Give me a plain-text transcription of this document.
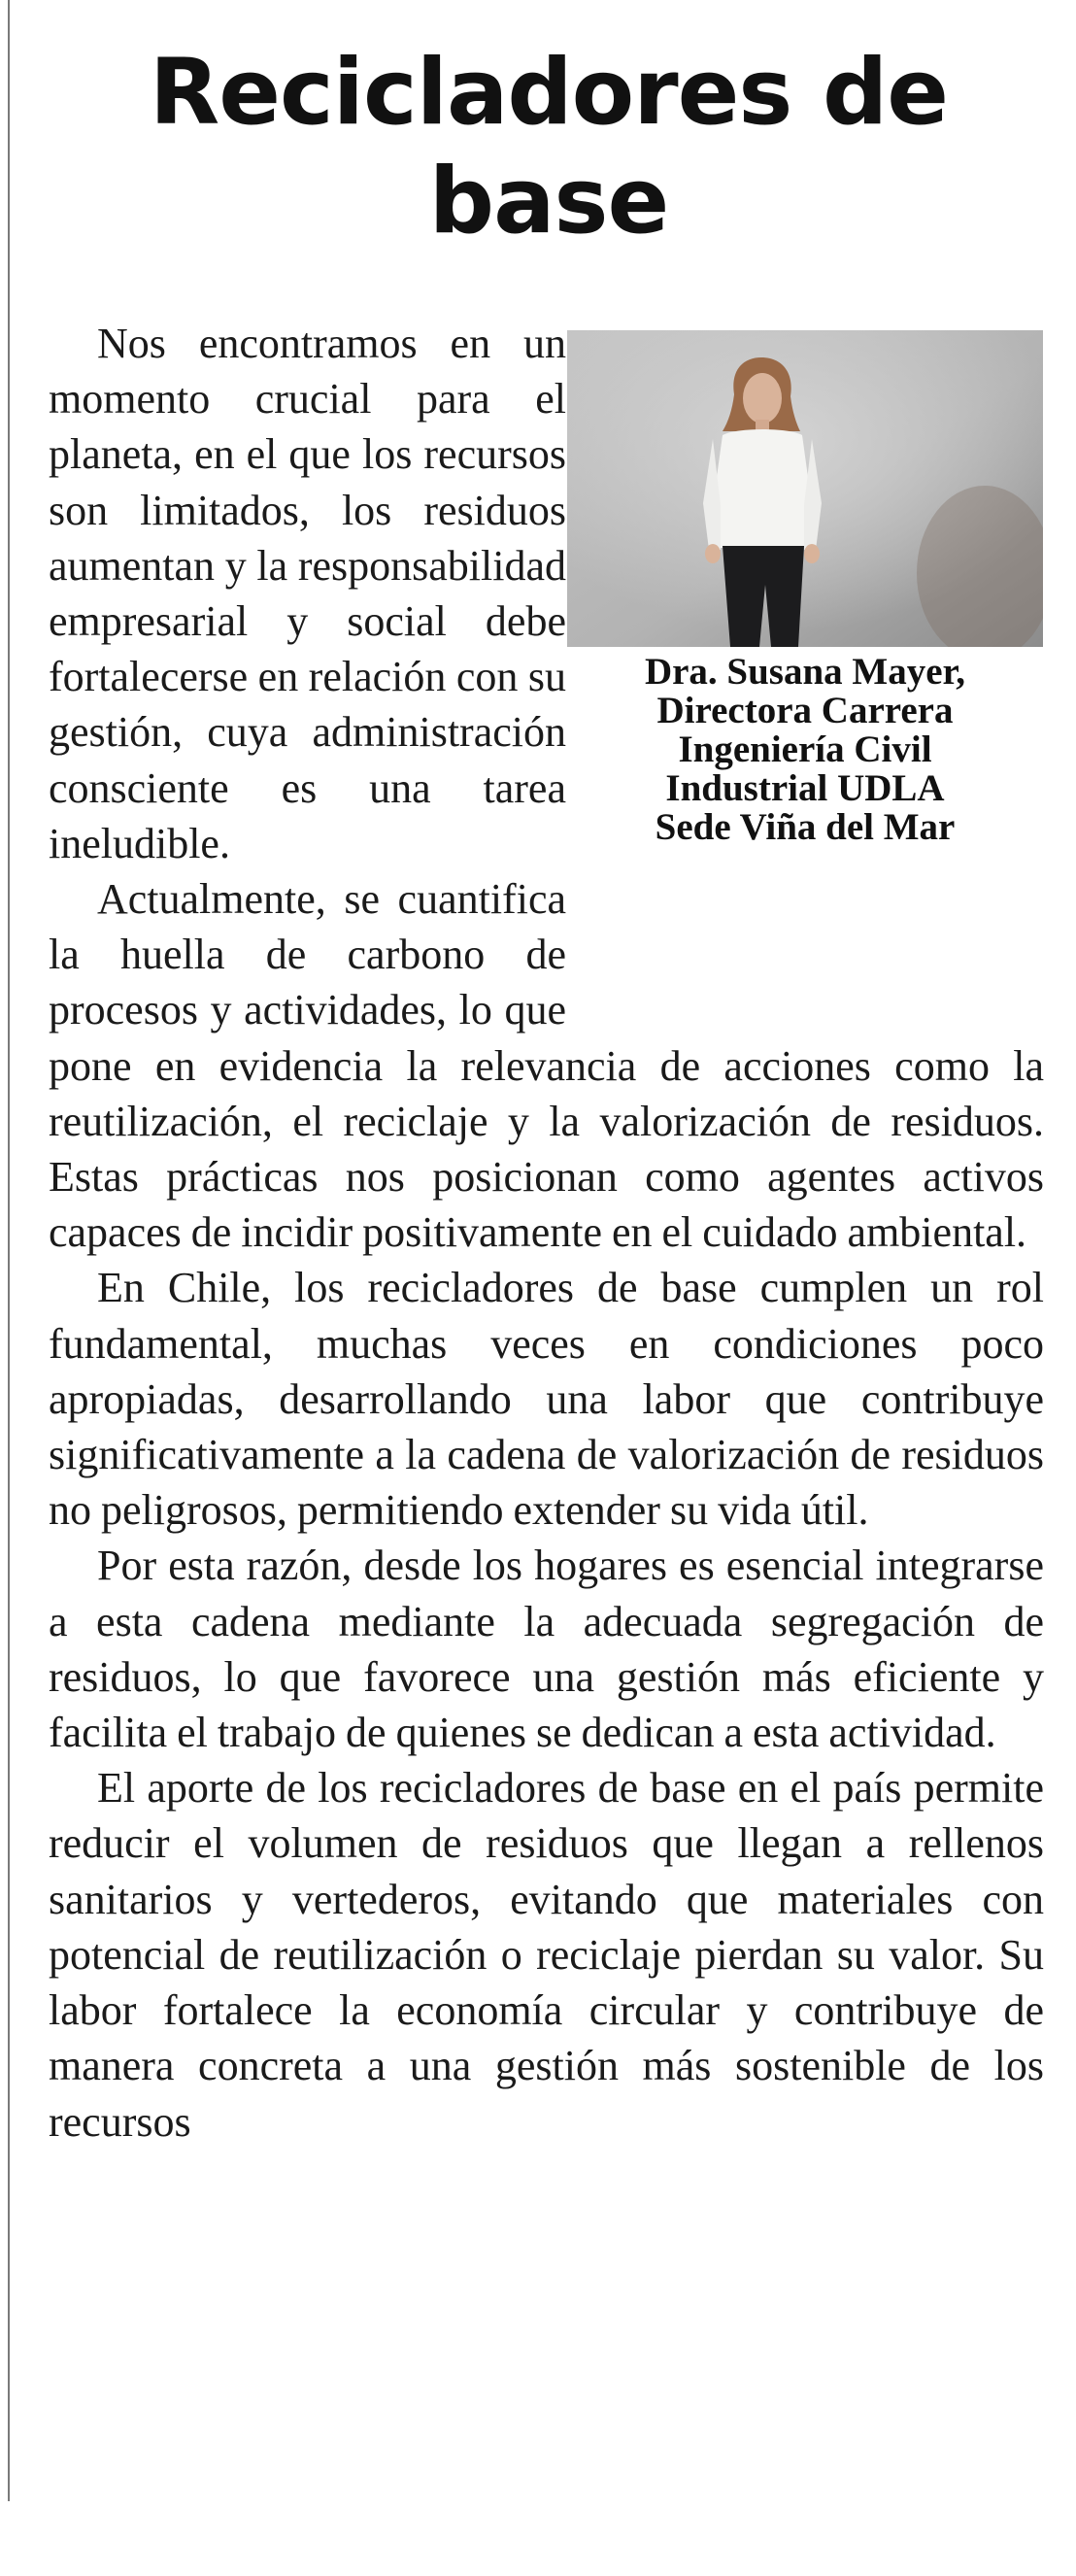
Recicladores de base

Dra. Susana Mayer,
Directora Carrera
Ingeniería Civil
Industrial UDLA
Sede Viña del Mar

Nos encontramos en un momento crucial para el planeta, en el que los recursos son limitados, los residuos aumentan y la responsabilidad empresarial y social debe fortalecerse en relación con su gestión, cuya administración consciente es una tarea ineludible.

Actualmente, se cuantifica la huella de carbono de procesos y actividades, lo que pone en evidencia la relevancia de acciones como la reutilización, el reciclaje y la valorización de residuos. Estas prácticas nos posicionan como agentes activos capaces de incidir positivamente en el cuidado ambiental.

En Chile, los recicladores de base cumplen un rol fundamental, muchas veces en condiciones poco apropiadas, desarrollando una labor que contribuye significativamente a la cadena de valorización de residuos no peligrosos, permitiendo extender su vida útil.

Por esta razón, desde los hogares es esencial integrarse a esta cadena mediante la adecuada segregación de residuos, lo que favorece una gestión más eficiente y facilita el trabajo de quienes se dedican a esta actividad.

El aporte de los recicladores de base en el país permite reducir el volumen de residuos que llegan a rellenos sanitarios y vertederos, evitando que materiales con potencial de reutilización o reciclaje pierdan su valor. Su labor fortalece la economía circular y contribuye de manera concreta a una gestión más sostenible de los recursos
